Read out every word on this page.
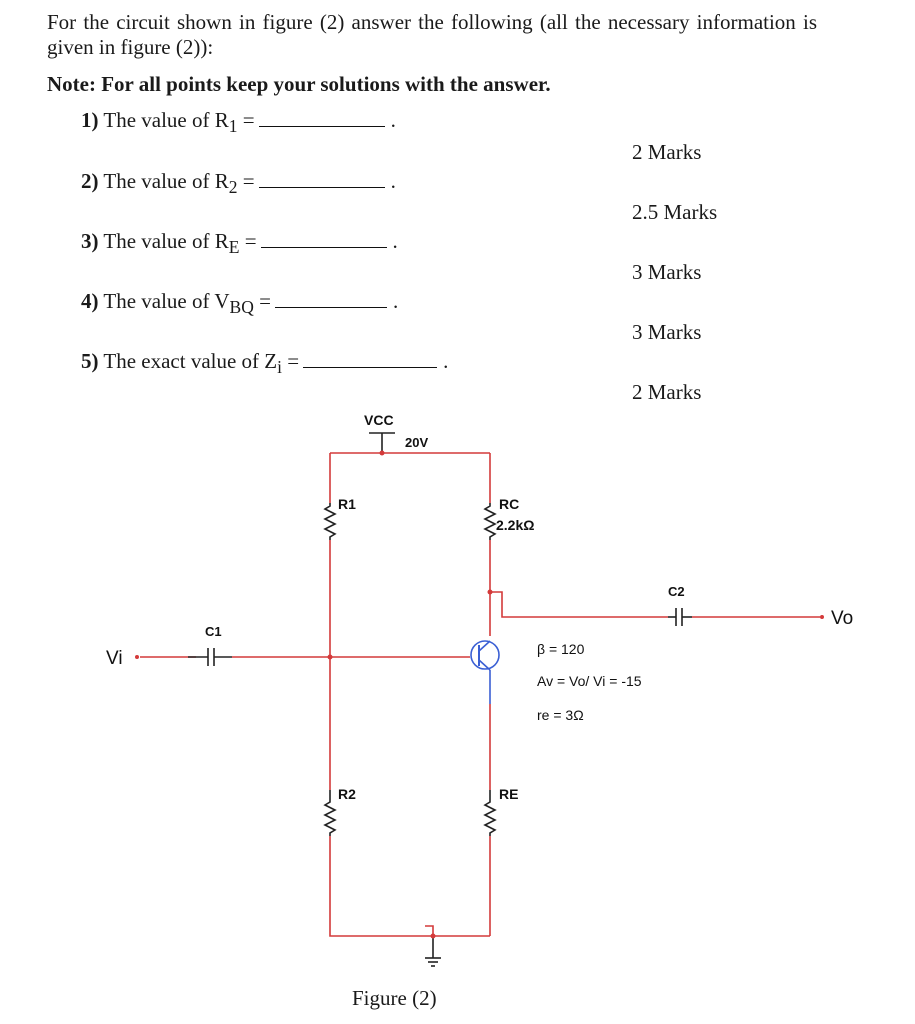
For the circuit shown in figure (2) answer the following (all the necessary information is given in figure (2)):
Note: For all points keep your solutions with the answer.
1) The value of $R_1$ =	.
2 Marks
2) The value of $R_2$ =	.
2.5 Marks
3) The value of $R_E$ =	.
3 Marks
4) The value of $V_{BQ}$ =	.
3 Marks
5) The exact value of $Z_i$ =	.
2 Marks
VCC
20V
R1	RC
2.2kΩ
C1
C2
Vi
Vo
R2	RE
β = 120
Av = Vo/ Vi = -15
re = 3Ω
Figure (2)
